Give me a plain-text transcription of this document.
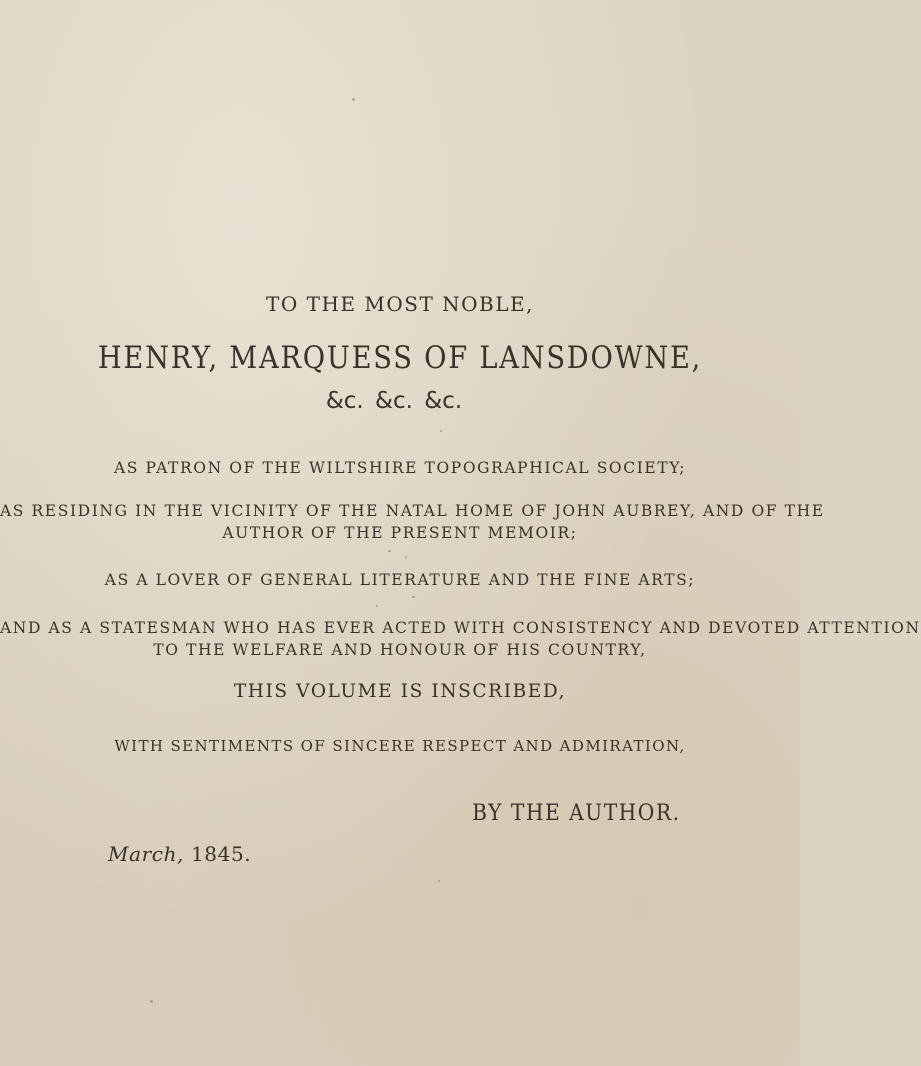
TO THE MOST NOBLE,

HENRY, MARQUESS OF LANSDOWNE,

&c. &c. &c.

AS PATRON OF THE WILTSHIRE TOPOGRAPHICAL SOCIETY;

AS RESIDING IN THE VICINITY OF THE NATAL HOME OF JOHN AUBREY, AND OF THE

AUTHOR OF THE PRESENT MEMOIR;

AS A LOVER OF GENERAL LITERATURE AND THE FINE ARTS;

AND AS A STATESMAN WHO HAS EVER ACTED WITH CONSISTENCY AND DEVOTED ATTENTION

TO THE WELFARE AND HONOUR OF HIS COUNTRY,

THIS VOLUME IS INSCRIBED,

WITH SENTIMENTS OF SINCERE RESPECT AND ADMIRATION,

BY THE AUTHOR.

March, 1845.
